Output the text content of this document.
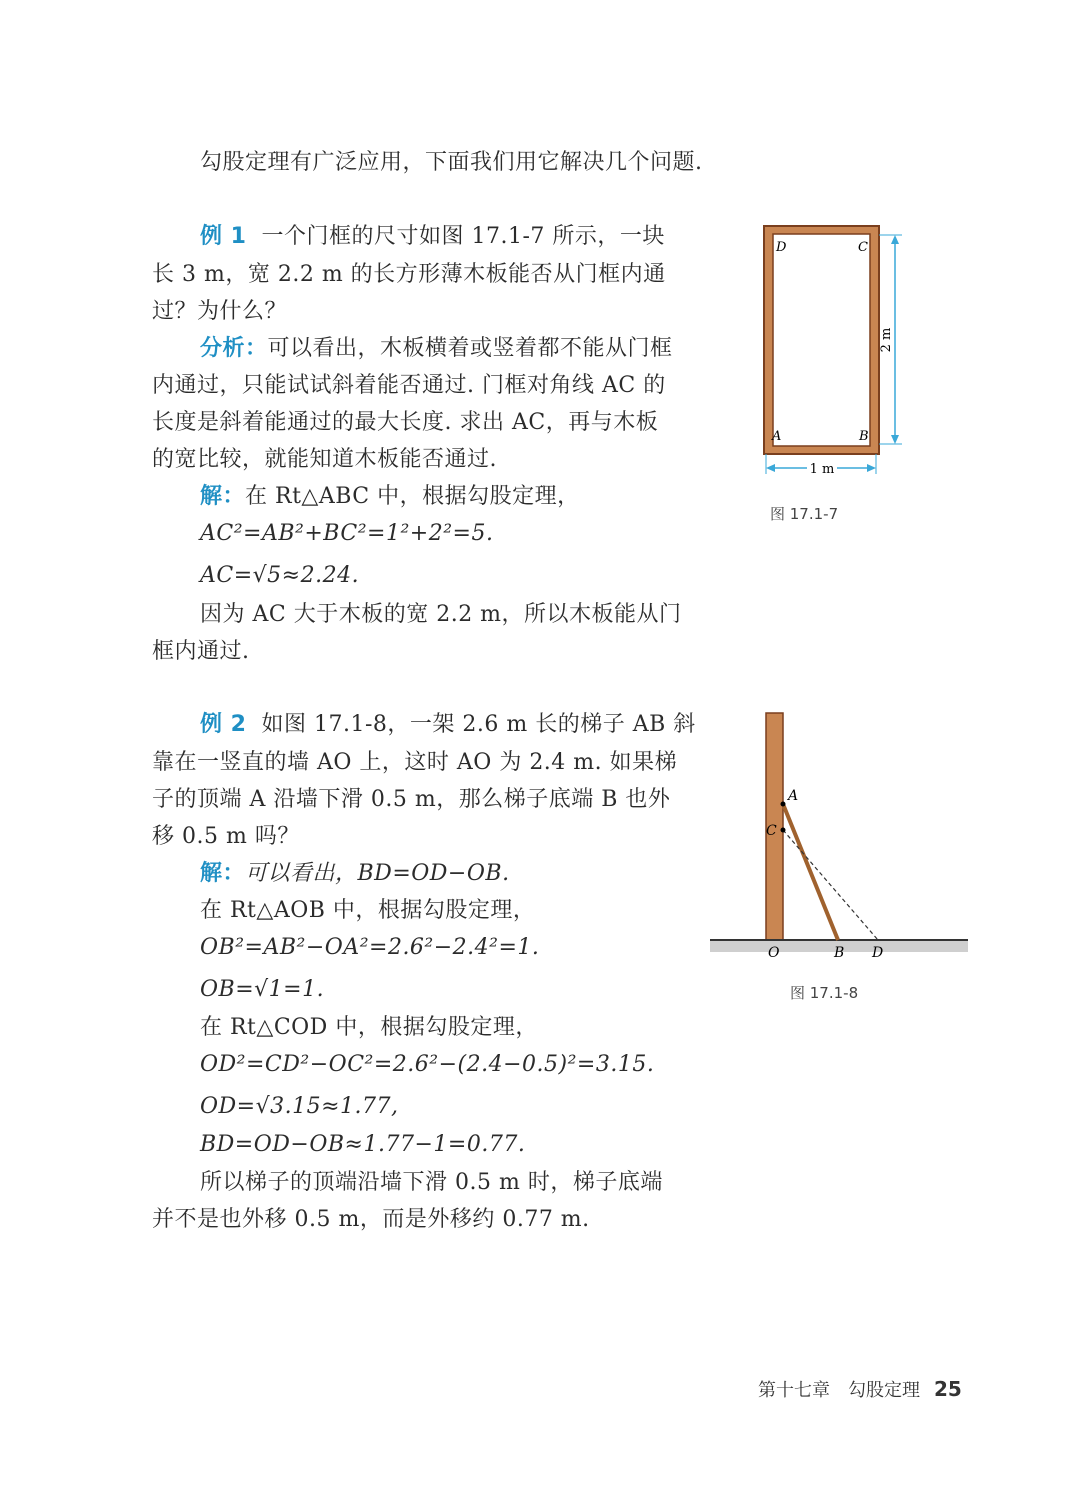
勾股定理有广泛应用，下面我们用它解决几个问题.
例 1 一个门框的尺寸如图 17.1-7 所示，一块
长 3 m，宽 2.2 m 的长方形薄木板能否从门框内通
过？为什么？
分析：可以看出，木板横着或竖着都不能从门框
内通过，只能试试斜着能否通过. 门框对角线 AC 的
长度是斜着能通过的最大长度. 求出 AC，再与木板
的宽比较，就能知道木板能否通过.
解：在 Rt△ABC 中，根据勾股定理，
AC²=AB²+BC²=1²+2²=5.
AC=√5≈2.24.
因为 AC 大于木板的宽 2.2 m，所以木板能从门
框内通过.
1 m
2 m
D	C
A	B
图 17.1-7
例 2 如图 17.1-8，一架 2.6 m 长的梯子 AB 斜
靠在一竖直的墙 AO 上，这时 AO 为 2.4 m. 如果梯
子的顶端 A 沿墙下滑 0.5 m，那么梯子底端 B 也外
移 0.5 m 吗？
解：可以看出，BD=OD−OB.
在 Rt△AOB 中，根据勾股定理，
OB²=AB²−OA²=2.6²−2.4²=1.
OB=√1=1.
在 Rt△COD 中，根据勾股定理，
OD²=CD²−OC²=2.6²−(2.4−0.5)²=3.15.
OD=√3.15≈1.77,
BD=OD−OB≈1.77−1=0.77.
所以梯子的顶端沿墙下滑 0.5 m 时，梯子底端
并不是也外移 0.5 m，而是外移约 0.77 m.
A
C
O	B D
图 17.1-8
第十七章　勾股定理 25
